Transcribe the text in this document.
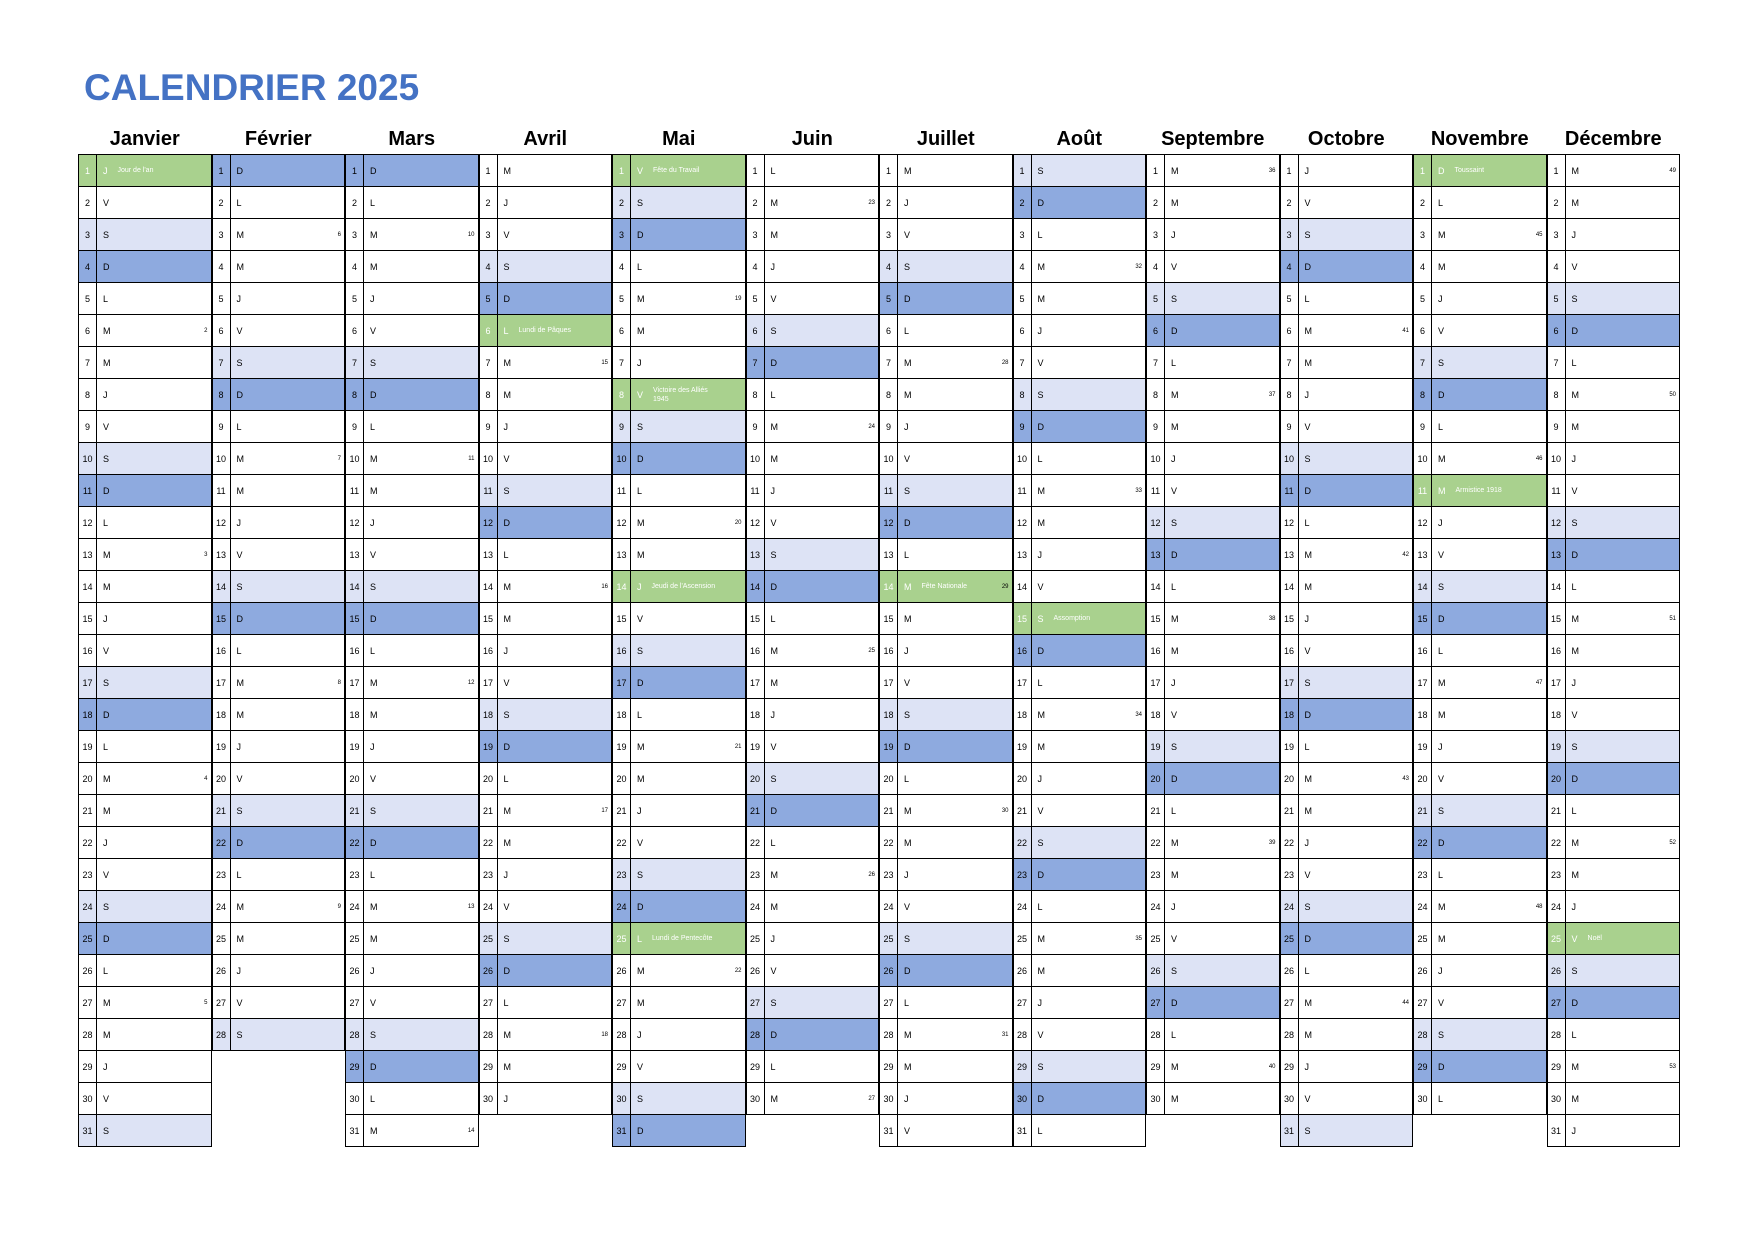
CALENDRIER 2025
Janvier
1	J	Jour de l'an
2	V
3	S
4	D
5	L
6	M	2
7	M
8	J
9	V
10	S
11	D
12	L
13	M	3
14	M
15	J
16	V
17	S
18	D
19	L
20	M	4
21	M
22	J
23	V
24	S
25	D
26	L
27	M	5
28	M
29	J
30	V
31	S
Février
1	D
2	L
3	M	6
4	M
5	J
6	V
7	S
8	D
9	L
10	M	7
11	M
12	J
13	V
14	S
15	D
16	L
17	M	8
18	M
19	J
20	V
21	S
22	D
23	L
24	M	9
25	M
26	J
27	V
28	S
Mars
1	D
2	L
3	M	10
4	M
5	J
6	V
7	S
8	D
9	L
10	M	11
11	M
12	J
13	V
14	S
15	D
16	L
17	M	12
18	M
19	J
20	V
21	S
22	D
23	L
24	M	13
25	M
26	J
27	V
28	S
29	D
30	L
31	M	14
Avril
1	M
2	J
3	V
4	S
5	D
6	L	Lundi de Pâques
7	M	15
8	M
9	J
10	V
11	S
12	D
13	L
14	M	16
15	M
16	J
17	V
18	S
19	D
20	L
21	M	17
22	M
23	J
24	V
25	S
26	D
27	L
28	M	18
29	M
30	J
Mai
1	V	Fête du Travail
2	S
3	D
4	L
5	M	19
6	M
7	J
8	V	Victoire des Alliés 1945
9	S
10	D
11	L
12	M	20
13	M
14	J	Jeudi de l'Ascension
15	V
16	S
17	D
18	L
19	M	21
20	M
21	J
22	V
23	S
24	D
25	L	Lundi de Pentecôte
26	M	22
27	M
28	J
29	V
30	S
31	D
Juin
1	L
2	M	23
3	M
4	J
5	V
6	S
7	D
8	L
9	M	24
10	M
11	J
12	V
13	S
14	D
15	L
16	M	25
17	M
18	J
19	V
20	S
21	D
22	L
23	M	26
24	M
25	J
26	V
27	S
28	D
29	L
30	M	27
Juillet
1	M
2	J
3	V
4	S
5	D
6	L
7	M	28
8	M
9	J
10	V
11	S
12	D
13	L
14	M	Fête Nationale	29
15	M
16	J
17	V
18	S
19	D
20	L
21	M	30
22	M
23	J
24	V
25	S
26	D
27	L
28	M	31
29	M
30	J
31	V
Août
1	S
2	D
3	L
4	M	32
5	M
6	J
7	V
8	S
9	D
10	L
11	M	33
12	M
13	J
14	V
15	S	Assomption
16	D
17	L
18	M	34
19	M
20	J
21	V
22	S
23	D
24	L
25	M	35
26	M
27	J
28	V
29	S
30	D
31	L
Septembre
1	M	36
2	M
3	J
4	V
5	S
6	D
7	L
8	M	37
9	M
10	J
11	V
12	S
13	D
14	L
15	M	38
16	M
17	J
18	V
19	S
20	D
21	L
22	M	39
23	M
24	J
25	V
26	S
27	D
28	L
29	M	40
30	M
Octobre
1	J
2	V
3	S
4	D
5	L
6	M	41
7	M
8	J
9	V
10	S
11	D
12	L
13	M	42
14	M
15	J
16	V
17	S
18	D
19	L
20	M	43
21	M
22	J
23	V
24	S
25	D
26	L
27	M	44
28	M
29	J
30	V
31	S
Novembre
1	D	Toussaint
2	L
3	M	45
4	M
5	J
6	V
7	S
8	D
9	L
10	M	46
11	M	Armistice 1918
12	J
13	V
14	S
15	D
16	L
17	M	47
18	M
19	J
20	V
21	S
22	D
23	L
24	M	48
25	M
26	J
27	V
28	S
29	D
30	L
Décembre
1	M	49
2	M
3	J
4	V
5	S
6	D
7	L
8	M	50
9	M
10	J
11	V
12	S
13	D
14	L
15	M	51
16	M
17	J
18	V
19	S
20	D
21	L
22	M	52
23	M
24	J
25	V	Noël
26	S
27	D
28	L
29	M	53
30	M
31	J
